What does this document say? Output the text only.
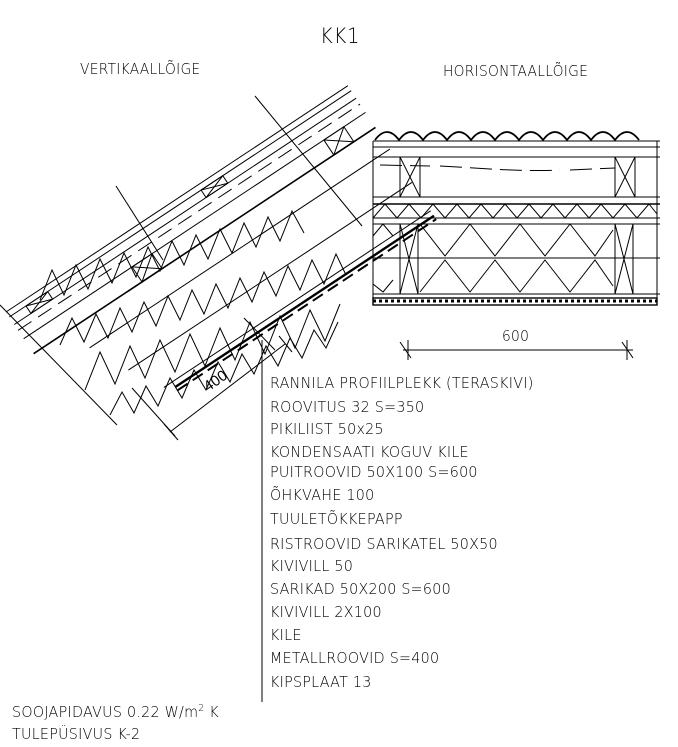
400
KK1
VERTIKAALLÕIGE	HORISONTAALLÕIGE
600
RANNILA PROFIILPLEKK (TERASKIVI)
ROOVITUS 32 S=350
PIKILIIST 50x25
KONDENSAATI KOGUV KILE
PUITROOVID 50X100 S=600
ÕHKVAHE 100
TUULETÕKKEPAPP
RISTROOVID SARIKATEL 50X50
KIVIVILL 50
SARIKAD 50X200 S=600
KIVIVILL 2X100
KILE
METALLROOVID S=400
KIPSPLAAT 13
SOOJAPIDAVUS 0.22 $W/m^2$ K
TULEPÜSIVUS K-2
